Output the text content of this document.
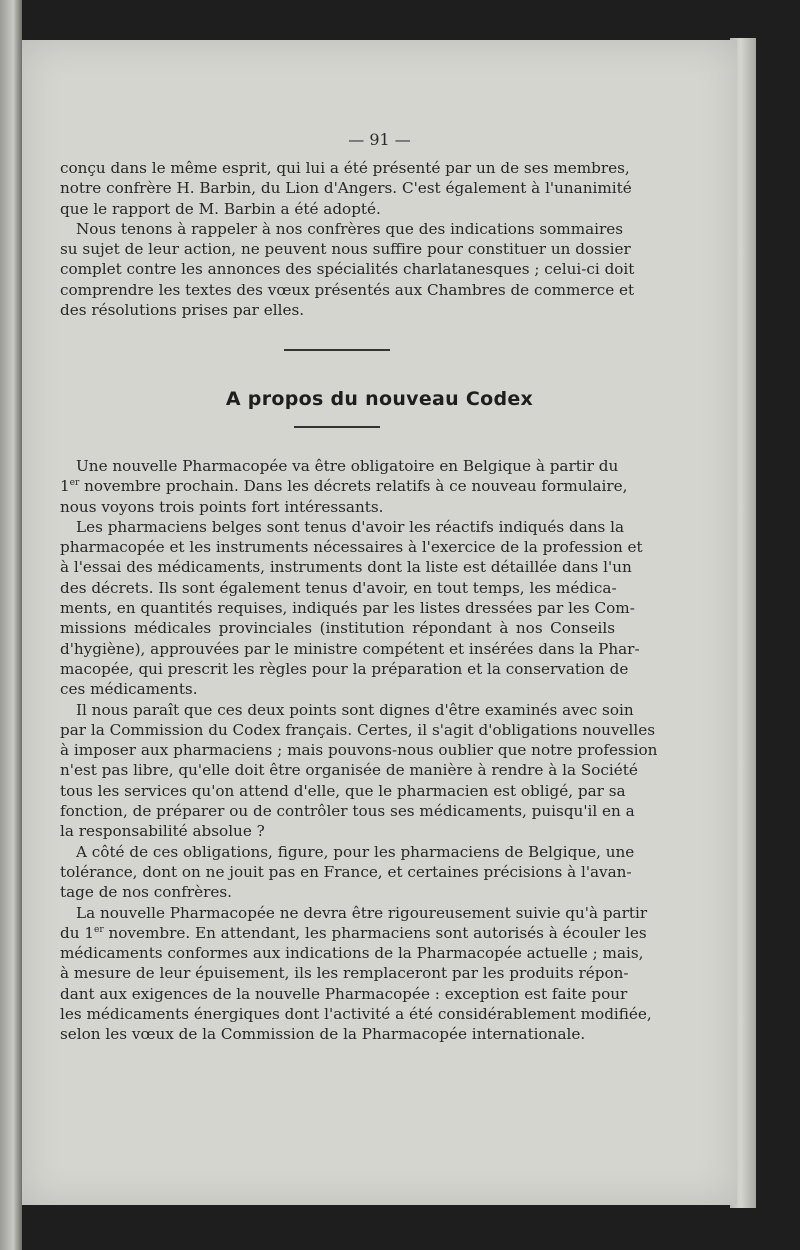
— 91 —
conçu dans le même esprit, qui lui a été présenté par un de ses membres,
notre confrère H. Barbin, du Lion d'Angers. C'est également à l'unanimité
que le rapport de M. Barbin a été adopté.
Nous tenons à rappeler à nos confrères que des indications sommaires
su sujet de leur action, ne peuvent nous suffire pour constituer un dossier
complet contre les annonces des spécialités charlatanesques ; celui-ci doit
comprendre les textes des vœux présentés aux Chambres de commerce et
des résolutions prises par elles.
A propos du nouveau Codex
Une nouvelle Pharmacopée va être obligatoire en Belgique à partir du
1er novembre prochain. Dans les décrets relatifs à ce nouveau formulaire,
nous voyons trois points fort intéressants.
Les pharmaciens belges sont tenus d'avoir les réactifs indiqués dans la
pharmacopée et les instruments nécessaires à l'exercice de la profession et
à l'essai des médicaments, instruments dont la liste est détaillée dans l'un
des décrets. Ils sont également tenus d'avoir, en tout temps, les médica-
ments, en quantités requises, indiqués par les listes dressées par les Com-
missions médicales provinciales (institution répondant à nos Conseils
d'hygiène), approuvées par le ministre compétent et insérées dans la Phar-
macopée, qui prescrit les règles pour la préparation et la conservation de
ces médicaments.
Il nous paraît que ces deux points sont dignes d'être examinés avec soin
par la Commission du Codex français. Certes, il s'agit d'obligations nouvelles
à imposer aux pharmaciens ; mais pouvons-nous oublier que notre profession
n'est pas libre, qu'elle doit être organisée de manière à rendre à la Société
tous les services qu'on attend d'elle, que le pharmacien est obligé, par sa
fonction, de préparer ou de contrôler tous ses médicaments, puisqu'il en a
la responsabilité absolue ?
A côté de ces obligations, figure, pour les pharmaciens de Belgique, une
tolérance, dont on ne jouit pas en France, et certaines précisions à l'avan-
tage de nos confrères.
La nouvelle Pharmacopée ne devra être rigoureusement suivie qu'à partir
du 1er novembre. En attendant, les pharmaciens sont autorisés à écouler les
médicaments conformes aux indications de la Pharmacopée actuelle ; mais,
à mesure de leur épuisement, ils les remplaceront par les produits répon-
dant aux exigences de la nouvelle Pharmacopée : exception est faite pour
les médicaments énergiques dont l'activité a été considérablement modifiée,
selon les vœux de la Commission de la Pharmacopée internationale.
